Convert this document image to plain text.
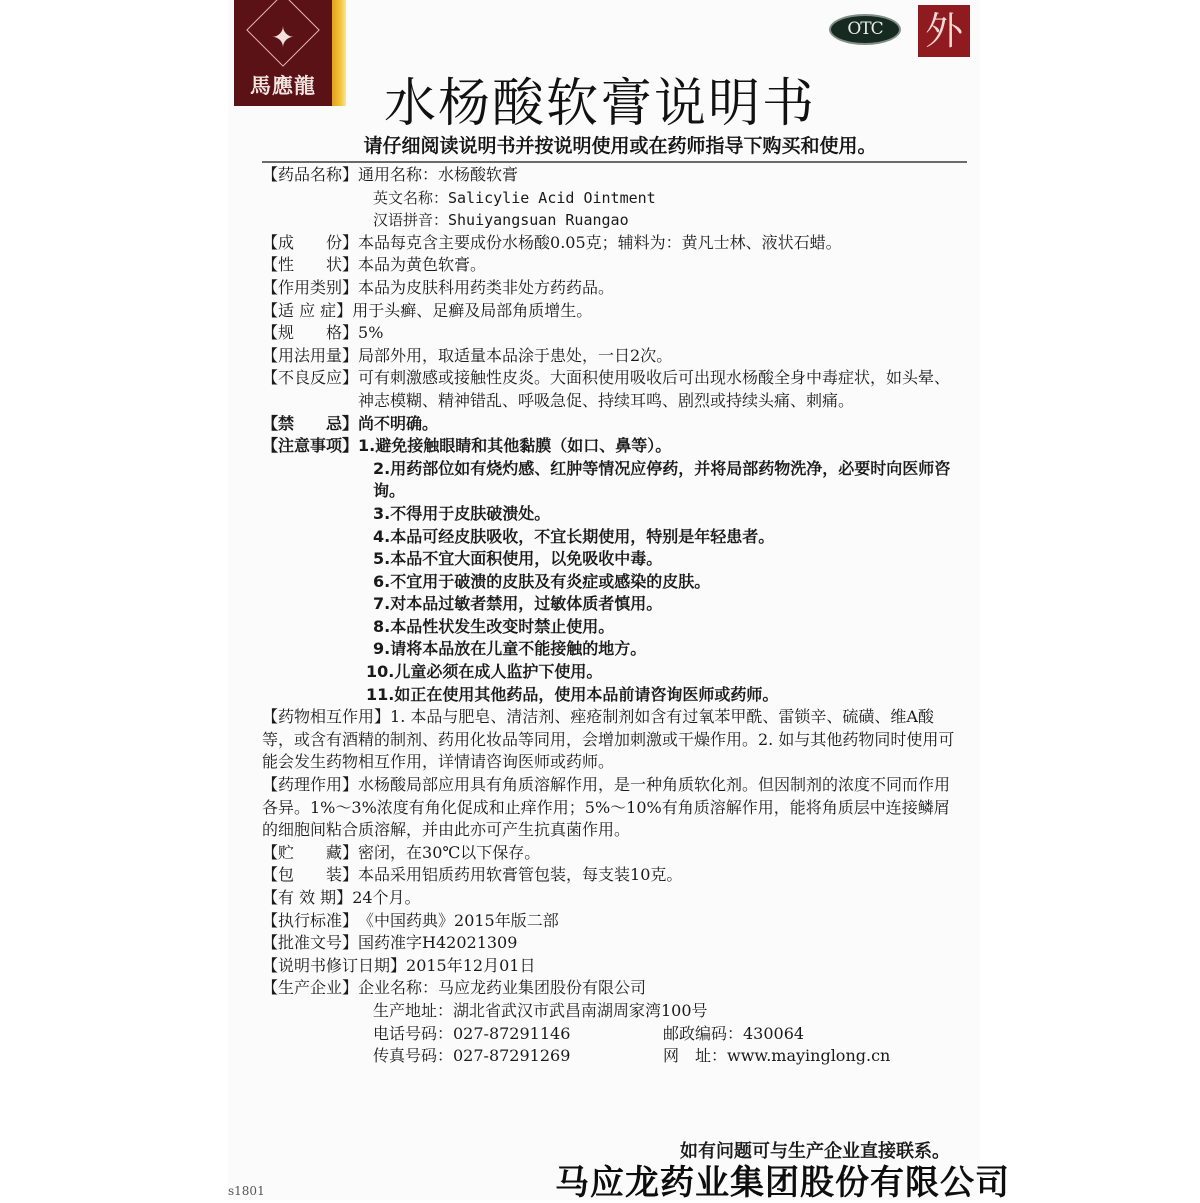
✦
馬應龍
OTC	外
水杨酸软膏说明书
请仔细阅读说明书并按说明使用或在药师指导下购买和使用。
【药品名称】 通用名称：水杨酸软膏
英文名称：Salicylie Acid Ointment
汉语拼音：Shuiyangsuan Ruangao
【成　　份】 本品每克含主要成份水杨酸0.05克；辅料为：黄凡士林、液状石蜡。
【性　　状】 本品为黄色软膏。
【作用类别】 本品为皮肤科用药类非处方药药品。
【适 应 症】 用于头癣、足癣及局部角质增生。
【规　　格】 5%
【用法用量】 局部外用，取适量本品涂于患处，一日2次。
【不良反应】 可有刺激感或接触性皮炎。大面积使用吸收后可出现水杨酸全身中毒症状，如头晕、神志模糊、精神错乱、呼吸急促、持续耳鸣、剧烈或持续头痛、刺痛。
【禁　　忌】 尚不明确。
【注意事项】 1.避免接触眼睛和其他黏膜（如口、鼻等）。
2.用药部位如有烧灼感、红肿等情况应停药，并将局部药物洗净，必要时向医师咨询。
3.不得用于皮肤破溃处。
4.本品可经皮肤吸收，不宜长期使用，特别是年轻患者。
5.本品不宜大面积使用，以免吸收中毒。
6.不宜用于破溃的皮肤及有炎症或感染的皮肤。
7.对本品过敏者禁用，过敏体质者慎用。
8.本品性状发生改变时禁止使用。
9.请将本品放在儿童不能接触的地方。
10.儿童必须在成人监护下使用。
11.如正在使用其他药品，使用本品前请咨询医师或药师。
【药物相互作用】1. 本品与肥皂、清洁剂、痤疮制剂如含有过氧苯甲酰、雷锁辛、硫磺、维A酸等，或含有酒精的制剂、药用化妆品等同用，会增加刺激或干燥作用。2. 如与其他药物同时使用可能会发生药物相互作用，详情请咨询医师或药师。
【药理作用】水杨酸局部应用具有角质溶解作用，是一种角质软化剂。但因制剂的浓度不同而作用各异。1%～3%浓度有角化促成和止痒作用；5%～10%有角质溶解作用，能将角质层中连接鳞屑的细胞间粘合质溶解，并由此亦可产生抗真菌作用。
【贮　　藏】 密闭，在30℃以下保存。
【包　　装】 本品采用铝质药用软膏管包装，每支装10克。
【有 效 期】 24个月。
【执行标准】 《中国药典》2015年版二部
【批准文号】 国药准字H42021309
【说明书修订日期】 2015年12月01日
【生产企业】 企业名称：马应龙药业集团股份有限公司
生产地址：湖北省武汉市武昌南湖周家湾100号
电话号码：027-87291146	邮政编码：430064
传真号码：027-87291269	网　址：www.mayinglong.cn
如有问题可与生产企业直接联系。
马应龙药业集团股份有限公司
s1801
